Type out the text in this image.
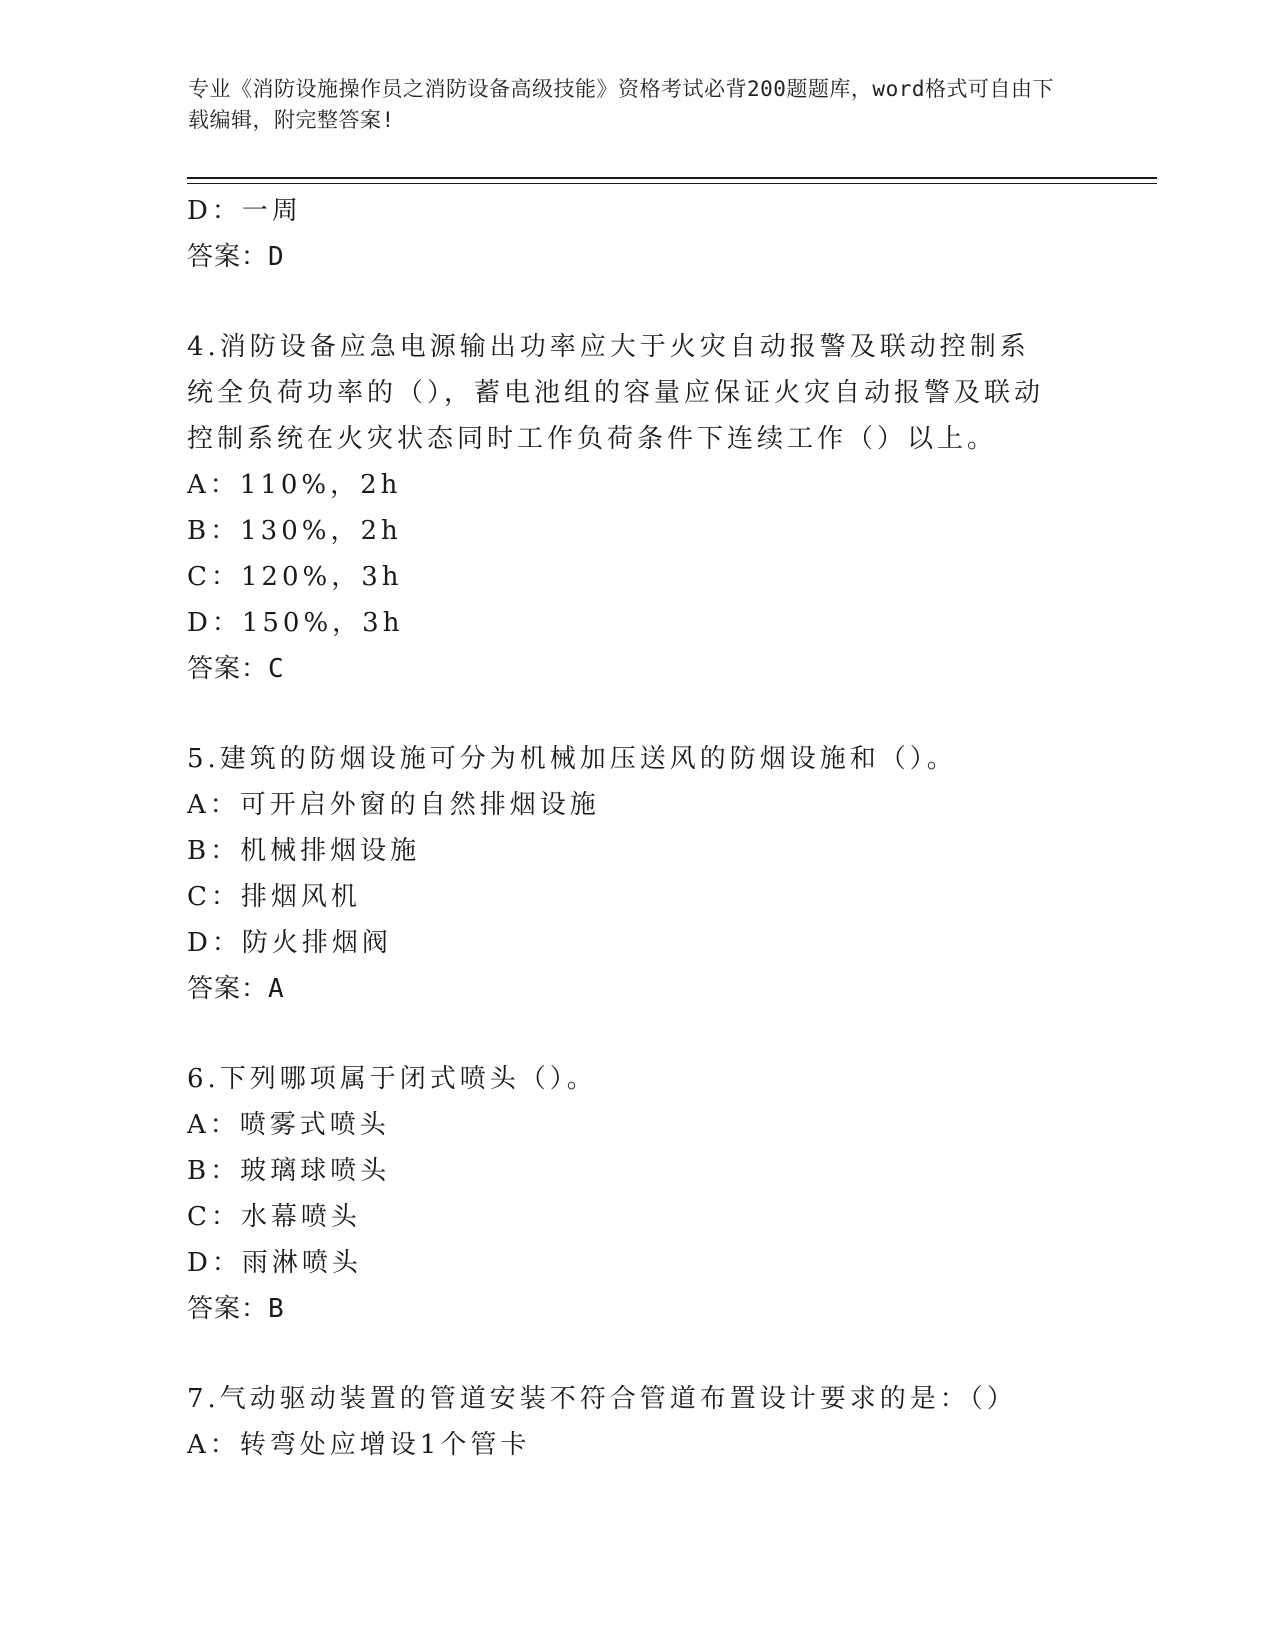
专业《消防设施操作员之消防设备高级技能》资格考试必背200题题库，word格式可自由下载编辑，附完整答案!
D：一周
答案：D
4.消防设备应急电源输出功率应大于火灾自动报警及联动控制系统全负荷功率的（），蓄电池组的容量应保证火灾自动报警及联动控制系统在火灾状态同时工作负荷条件下连续工作（）以上。
A：110%，2h
B：130%，2h
C：120%，3h
D：150%，3h
答案：C
5.建筑的防烟设施可分为机械加压送风的防烟设施和（）。
A：可开启外窗的自然排烟设施
B：机械排烟设施
C：排烟风机
D：防火排烟阀
答案：A
6.下列哪项属于闭式喷头（）。
A：喷雾式喷头
B：玻璃球喷头
C：水幕喷头
D：雨淋喷头
答案：B
7.气动驱动装置的管道安装不符合管道布置设计要求的是：（）
A：转弯处应增设1个管卡
